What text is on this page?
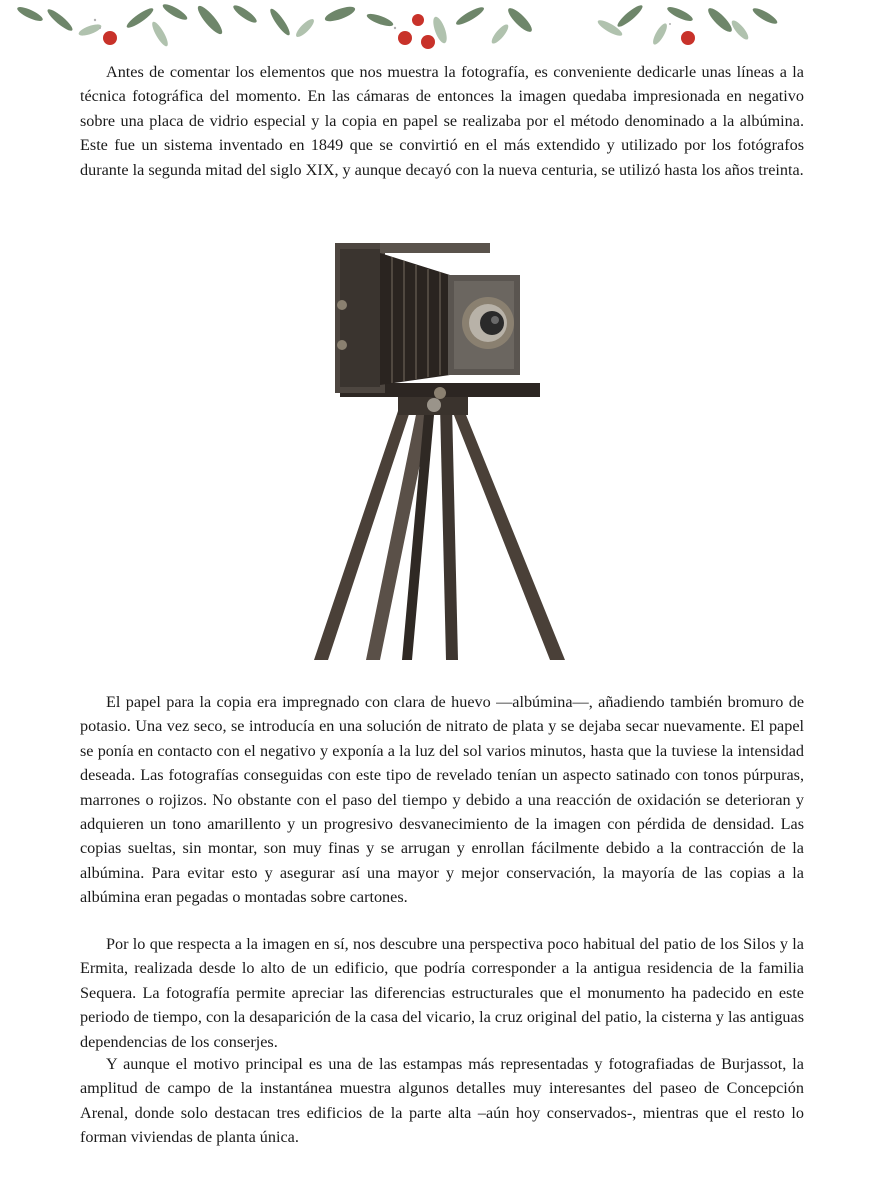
Antes de comentar los elementos que nos muestra la fotografía, es conveniente dedicarle unas líneas a la técnica fotográfica del momento. En las cámaras de entonces la imagen quedaba impresionada en negativo sobre una placa de vidrio especial y la copia en papel se realizaba por el método denominado a la albúmina. Este fue un sistema inventado en 1849 que se convirtió en el más extendido y utilizado por los fotógrafos durante la segunda mitad del siglo XIX, y aunque decayó con la nueva centuria, se utilizó hasta los años treinta.

El papel para la copia era impregnado con clara de huevo —albúmina—, añadiendo también bromuro de potasio. Una vez seco, se introducía en una solución de nitrato de plata y se dejaba secar nuevamente. El papel se ponía en contacto con el negativo y exponía a la luz del sol varios minutos, hasta que la tuviese la intensidad deseada. Las fotografías conseguidas con este tipo de revelado tenían un aspecto satinado con tonos púrpuras, marrones o rojizos. No obstante con el paso del tiempo y debido a una reacción de oxidación se deterioran y adquieren un tono amarillento y un progresivo desvanecimiento de la imagen con pérdida de densidad. Las copias sueltas, sin montar, son muy finas y se arrugan y enrollan fácilmente debido a la contracción de la albúmina. Para evitar esto y asegurar así una mayor y mejor conservación, la mayoría de las copias a la albúmina eran pegadas o montadas sobre cartones.

Por lo que respecta a la imagen en sí, nos descubre una perspectiva poco habitual del patio de los Silos y la Ermita, realizada desde lo alto de un edificio, que podría corresponder a la antigua residencia de la familia Sequera. La fotografía permite apreciar las diferencias estructurales que el monumento ha padecido en este periodo de tiempo, con la desaparición de la casa del vicario, la cruz original del patio, la cisterna y las antiguas dependencias de los conserjes.

Y aunque el motivo principal es una de las estampas más representadas y fotografiadas de Burjassot, la amplitud de campo de la instantánea muestra algunos detalles muy interesantes del paseo de Concepción Arenal, donde solo destacan tres edificios de la parte alta –aún hoy conservados-, mientras que el resto lo forman viviendas de planta única.
